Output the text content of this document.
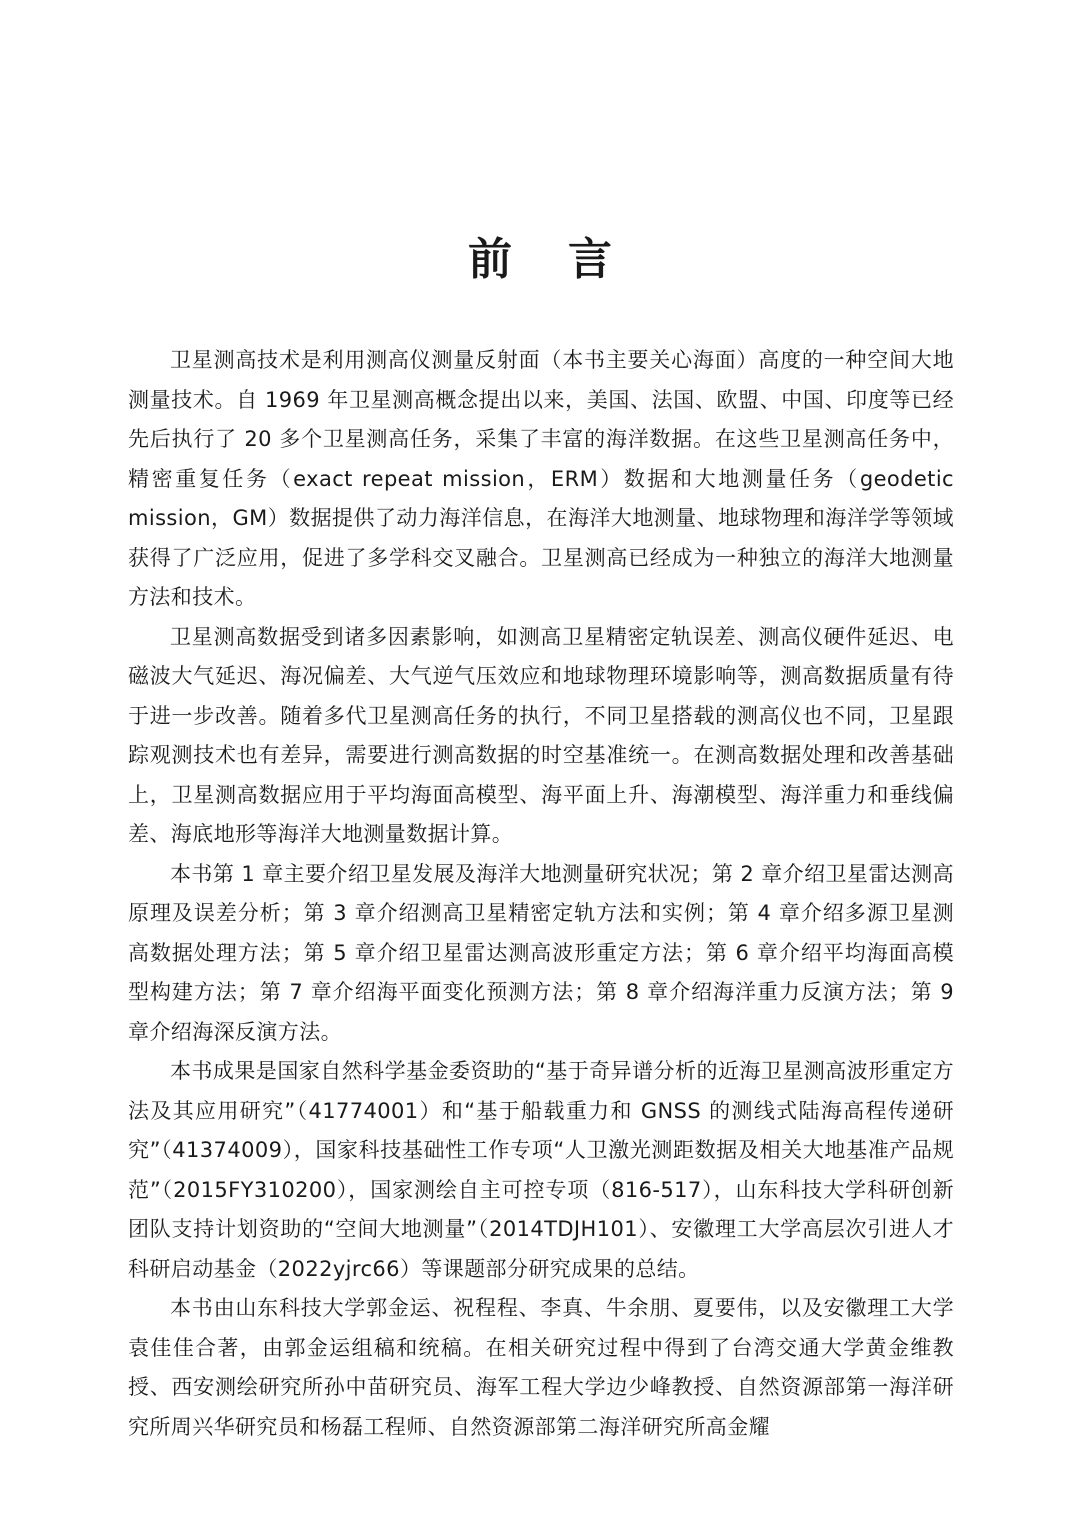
前言

卫星测高技术是利用测高仪测量反射面（本书主要关心海面）高度的一种空间大地测量技术。自 1969 年卫星测高概念提出以来，美国、法国、欧盟、中国、印度等已经先后执行了 20 多个卫星测高任务，采集了丰富的海洋数据。在这些卫星测高任务中，精密重复任务（exact repeat mission，ERM）数据和大地测量任务（geodetic mission，GM）数据提供了动力海洋信息，在海洋大地测量、地球物理和海洋学等领域获得了广泛应用，促进了多学科交叉融合。卫星测高已经成为一种独立的海洋大地测量方法和技术。

卫星测高数据受到诸多因素影响，如测高卫星精密定轨误差、测高仪硬件延迟、电磁波大气延迟、海况偏差、大气逆气压效应和地球物理环境影响等，测高数据质量有待于进一步改善。随着多代卫星测高任务的执行，不同卫星搭载的测高仪也不同，卫星跟踪观测技术也有差异，需要进行测高数据的时空基准统一。在测高数据处理和改善基础上，卫星测高数据应用于平均海面高模型、海平面上升、海潮模型、海洋重力和垂线偏差、海底地形等海洋大地测量数据计算。

本书第 1 章主要介绍卫星发展及海洋大地测量研究状况；第 2 章介绍卫星雷达测高原理及误差分析；第 3 章介绍测高卫星精密定轨方法和实例；第 4 章介绍多源卫星测高数据处理方法；第 5 章介绍卫星雷达测高波形重定方法；第 6 章介绍平均海面高模型构建方法；第 7 章介绍海平面变化预测方法；第 8 章介绍海洋重力反演方法；第 9 章介绍海深反演方法。

本书成果是国家自然科学基金委资助的“基于奇异谱分析的近海卫星测高波形重定方法及其应用研究”（41774001）和“基于船载重力和 GNSS 的测线式陆海高程传递研究”（41374009），国家科技基础性工作专项“人卫激光测距数据及相关大地基准产品规范”（2015FY310200），国家测绘自主可控专项（816-517），山东科技大学科研创新团队支持计划资助的“空间大地测量”（2014TDJH101）、安徽理工大学高层次引进人才科研启动基金（2022yjrc66）等课题部分研究成果的总结。

本书由山东科技大学郭金运、祝程程、李真、牛余朋、夏要伟，以及安徽理工大学袁佳佳合著，由郭金运组稿和统稿。在相关研究过程中得到了台湾交通大学黄金维教授、西安测绘研究所孙中苗研究员、海军工程大学边少峰教授、自然资源部第一海洋研究所周兴华研究员和杨磊工程师、自然资源部第二海洋研究所高金耀
